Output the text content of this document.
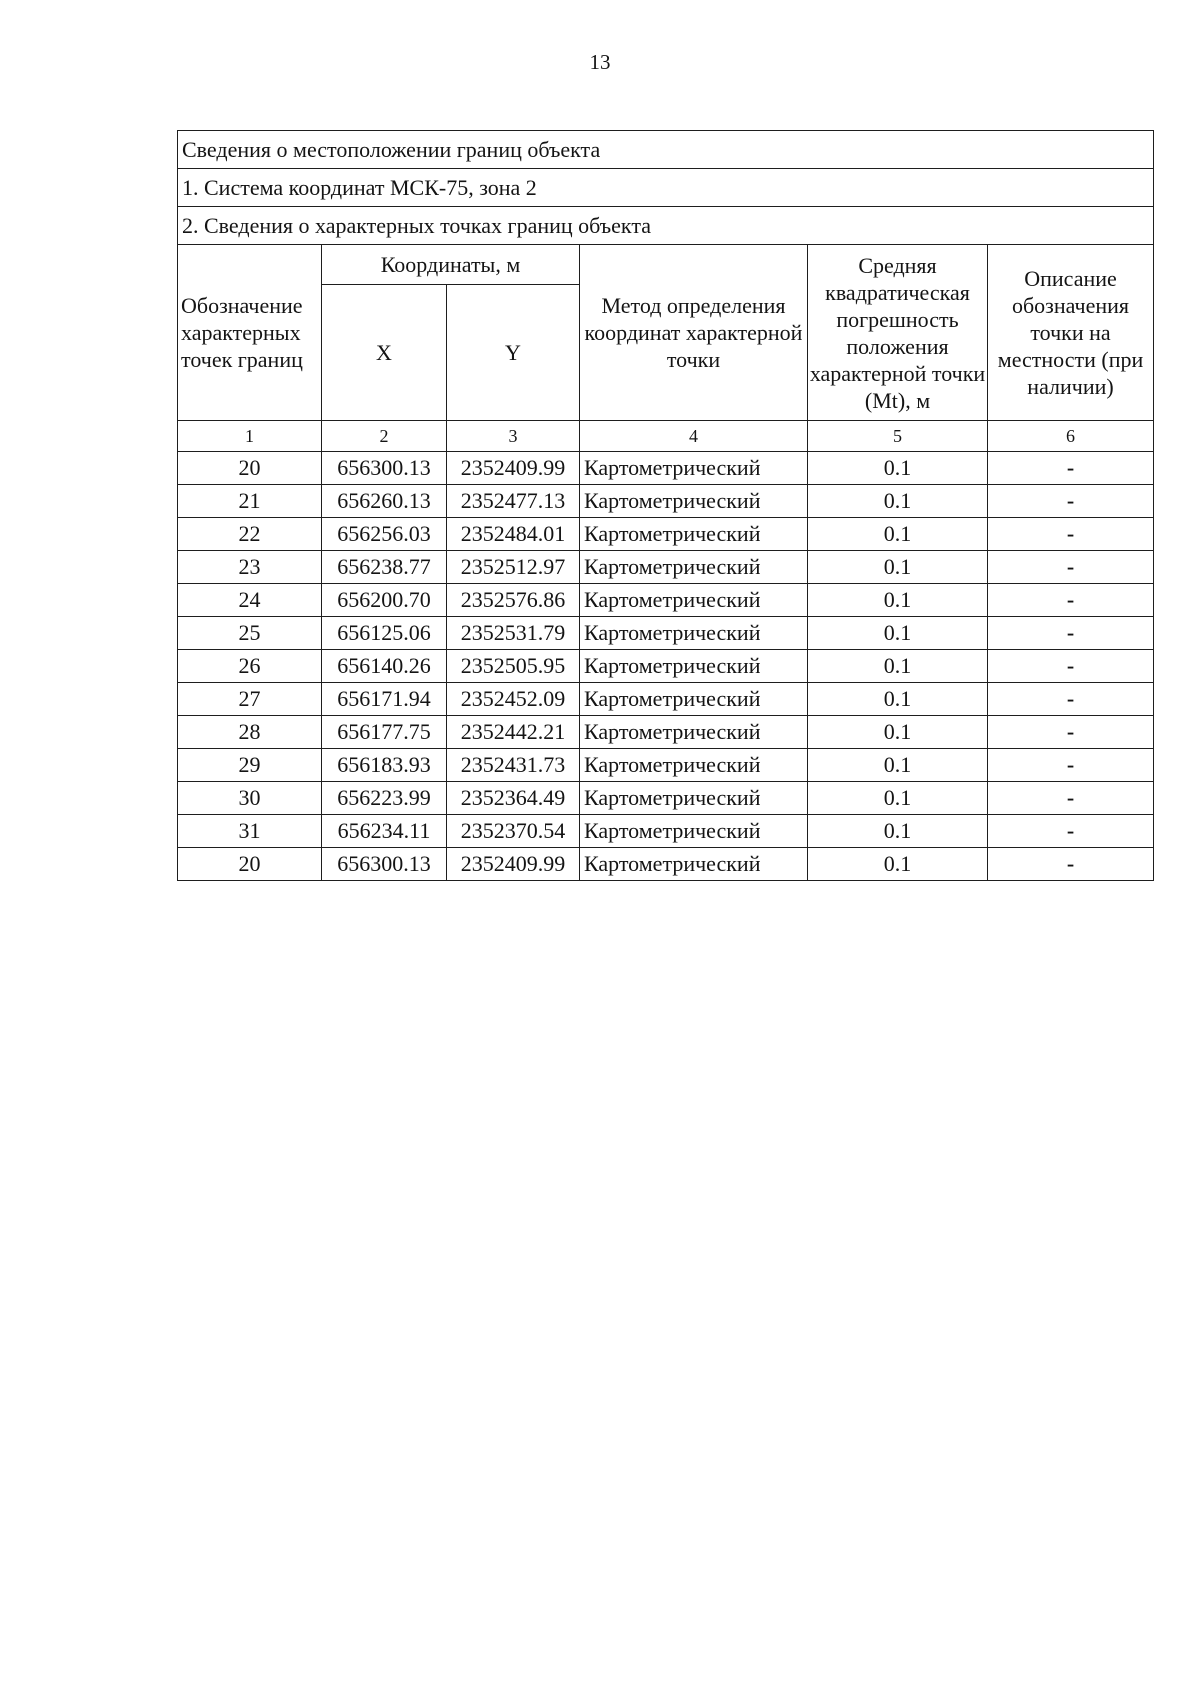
13
Сведения о местоположении границ объекта					
1. Система координат МСК-75, зона 2					
2. Сведения о характерных точках границ объекта					
Обозначение характерных точек границ	Координаты, м		Метод определения координат характерной точки	Средняя квадратическая погрешность положения характерной точки (Mt), м	Описание обозначения точки на местности (при наличии)
	X	Y			
1	2	3	4	5	6
20	656300.13	2352409.99	Картометрический	0.1	-
21	656260.13	2352477.13	Картометрический	0.1	-
22	656256.03	2352484.01	Картометрический	0.1	-
23	656238.77	2352512.97	Картометрический	0.1	-
24	656200.70	2352576.86	Картометрический	0.1	-
25	656125.06	2352531.79	Картометрический	0.1	-
26	656140.26	2352505.95	Картометрический	0.1	-
27	656171.94	2352452.09	Картометрический	0.1	-
28	656177.75	2352442.21	Картометрический	0.1	-
29	656183.93	2352431.73	Картометрический	0.1	-
30	656223.99	2352364.49	Картометрический	0.1	-
31	656234.11	2352370.54	Картометрический	0.1	-
20	656300.13	2352409.99	Картометрический	0.1	-
